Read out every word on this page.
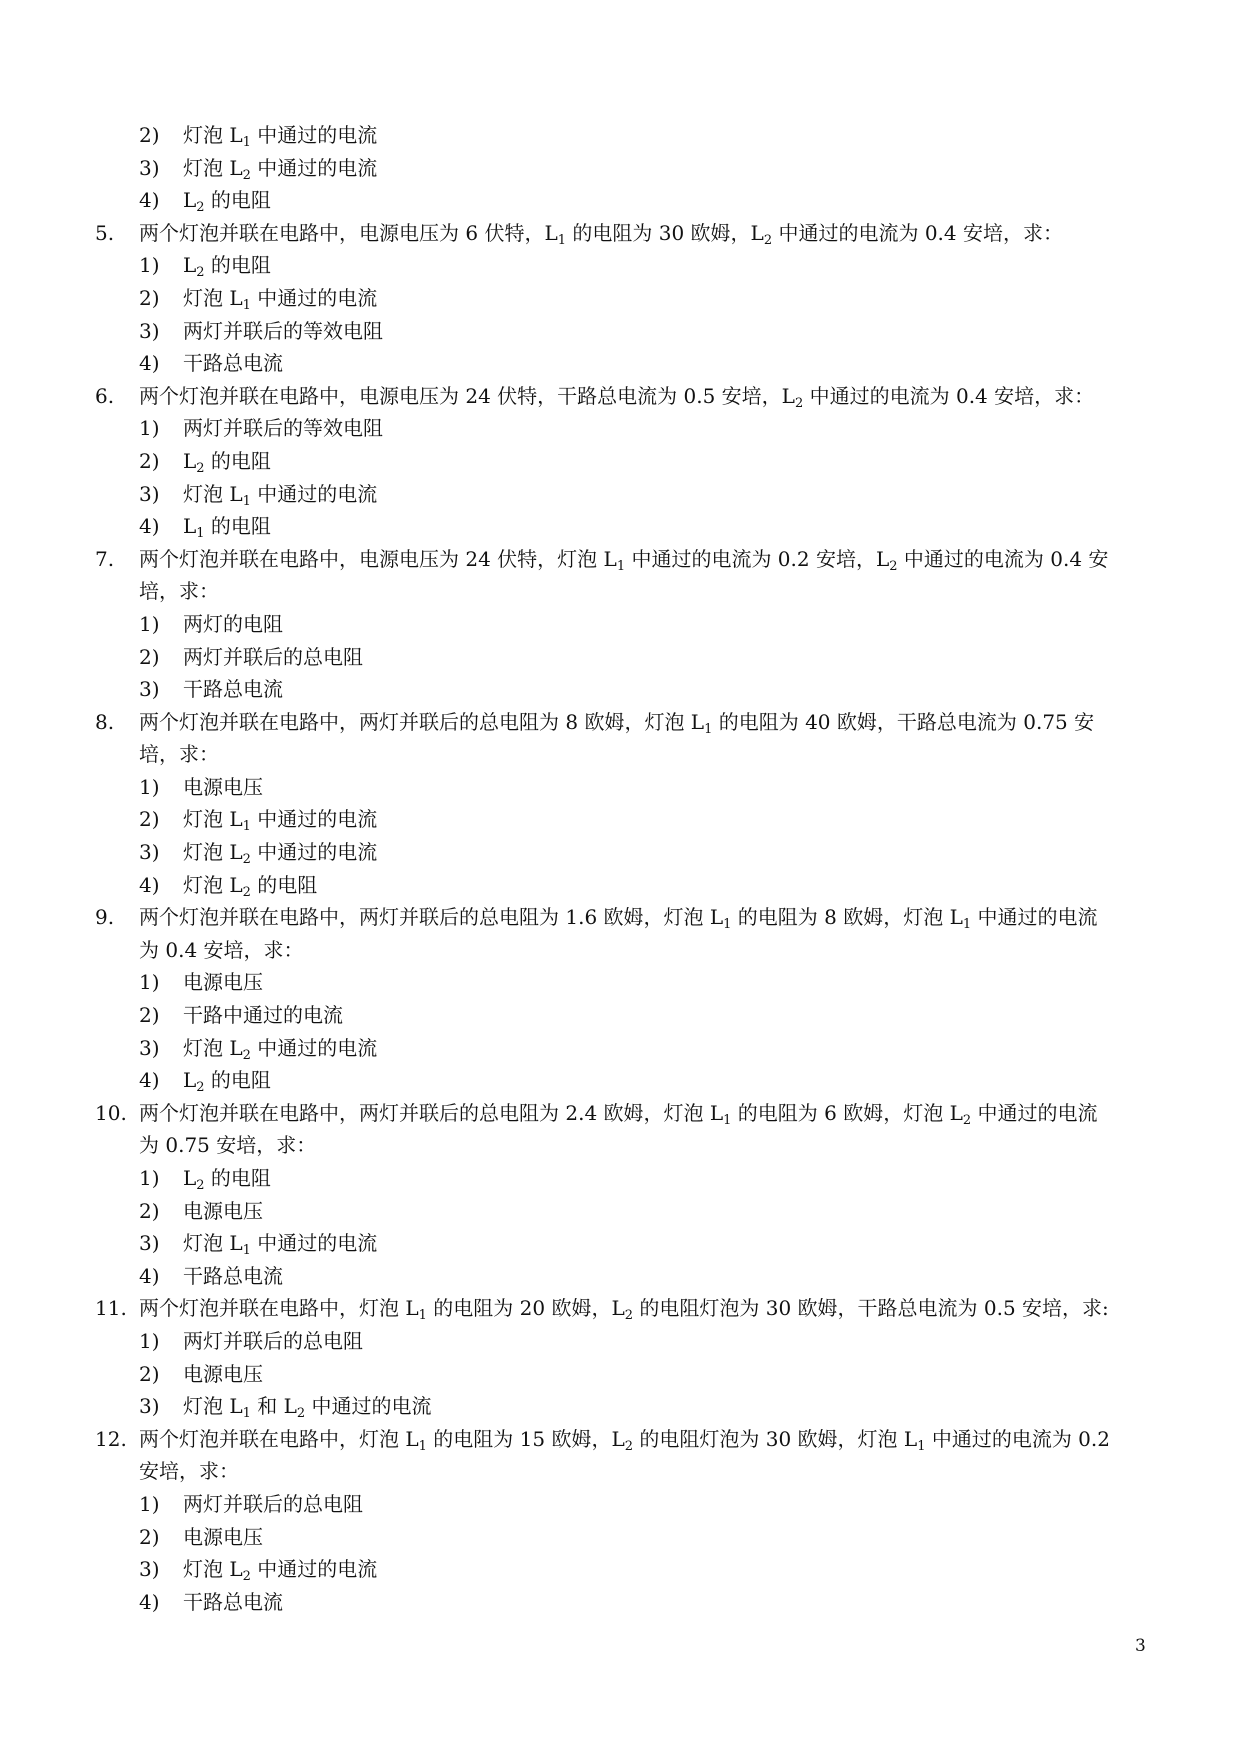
2) 灯泡 $L_1$ 中通过的电流
3) 灯泡 $L_2$ 中通过的电流
4) $L_2$ 的电阻
5. 两个灯泡并联在电路中，电源电压为 6 伏特，$L_1$ 的电阻为 30 欧姆，$L_2$ 中通过的电流为 0.4 安培，求：
1) $L_2$ 的电阻
2) 灯泡 $L_1$ 中通过的电流
3) 两灯并联后的等效电阻
4) 干路总电流
6. 两个灯泡并联在电路中，电源电压为 24 伏特，干路总电流为 0.5 安培，$L_2$ 中通过的电流为 0.4 安培，求：
1) 两灯并联后的等效电阻
2) $L_2$ 的电阻
3) 灯泡 $L_1$ 中通过的电流
4) $L_1$ 的电阻
7. 两个灯泡并联在电路中，电源电压为 24 伏特，灯泡 $L_1$ 中通过的电流为 0.2 安培，$L_2$ 中通过的电流为 0.4 安
培，求：
1) 两灯的电阻
2) 两灯并联后的总电阻
3) 干路总电流
8. 两个灯泡并联在电路中，两灯并联后的总电阻为 8 欧姆，灯泡 $L_1$ 的电阻为 40 欧姆，干路总电流为 0.75 安
培，求：
1) 电源电压
2) 灯泡 $L_1$ 中通过的电流
3) 灯泡 $L_2$ 中通过的电流
4) 灯泡 $L_2$ 的电阻
9. 两个灯泡并联在电路中，两灯并联后的总电阻为 1.6 欧姆，灯泡 $L_1$ 的电阻为 8 欧姆，灯泡 $L_1$ 中通过的电流
为 0.4 安培，求：
1) 电源电压
2) 干路中通过的电流
3) 灯泡 $L_2$ 中通过的电流
4) $L_2$ 的电阻
10. 两个灯泡并联在电路中，两灯并联后的总电阻为 2.4 欧姆，灯泡 $L_1$ 的电阻为 6 欧姆，灯泡 $L_2$ 中通过的电流
为 0.75 安培，求：
1) $L_2$ 的电阻
2) 电源电压
3) 灯泡 $L_1$ 中通过的电流
4) 干路总电流
11. 两个灯泡并联在电路中，灯泡 $L_1$ 的电阻为 20 欧姆，$L_2$ 的电阻灯泡为 30 欧姆，干路总电流为 0.5 安培，求:
1) 两灯并联后的总电阻
2) 电源电压
3) 灯泡 $L_1$ 和 $L_2$ 中通过的电流
12. 两个灯泡并联在电路中，灯泡 $L_1$ 的电阻为 15 欧姆，$L_2$ 的电阻灯泡为 30 欧姆，灯泡 $L_1$ 中通过的电流为 0.2
安培，求：
1) 两灯并联后的总电阻
2) 电源电压
3) 灯泡 $L_2$ 中通过的电流
4) 干路总电流
3
